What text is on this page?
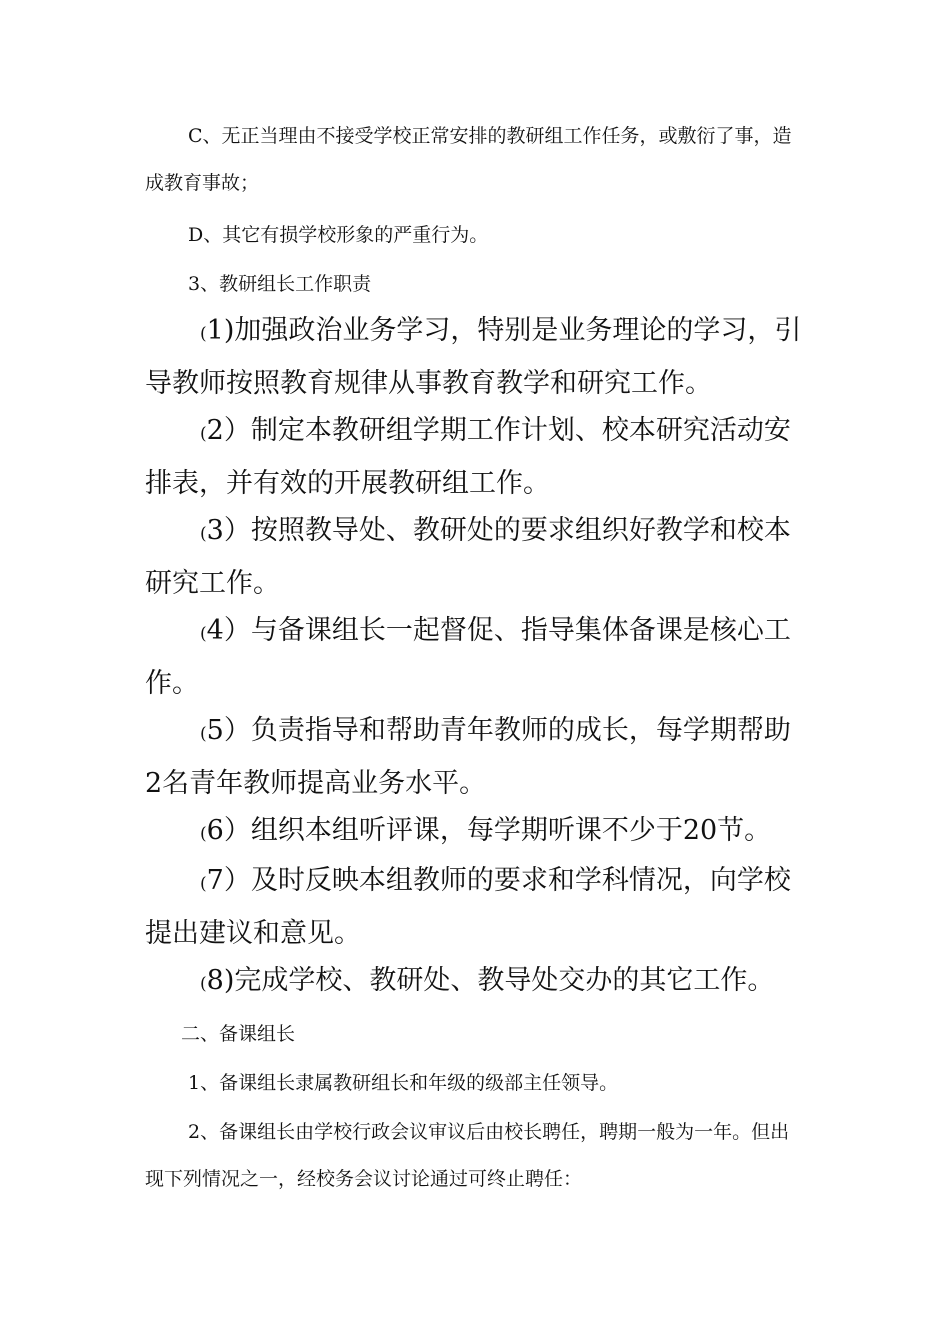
C、无正当理由不接受学校正常安排的教研组工作任务，或敷衍了事，造成教育事故；

D、其它有损学校形象的严重行为。

3、教研组长工作职责

(1)加强政治业务学习，特别是业务理论的学习，引导教师按照教育规律从事教育教学和研究工作。

(2）制定本教研组学期工作计划、校本研究活动安排表，并有效的开展教研组工作。

(3）按照教导处、教研处的要求组织好教学和校本研究工作。

(4）与备课组长一起督促、指导集体备课是核心工作。

(5）负责指导和帮助青年教师的成长，每学期帮助2名青年教师提高业务水平。

(6）组织本组听评课，每学期听课不少于20节。

(7）及时反映本组教师的要求和学科情况，向学校提出建议和意见。

(8)完成学校、教研处、教导处交办的其它工作。

二、备课组长

1、备课组长隶属教研组长和年级的级部主任领导。

2、备课组长由学校行政会议审议后由校长聘任，聘期一般为一年。但出现下列情况之一，经校务会议讨论通过可终止聘任：
